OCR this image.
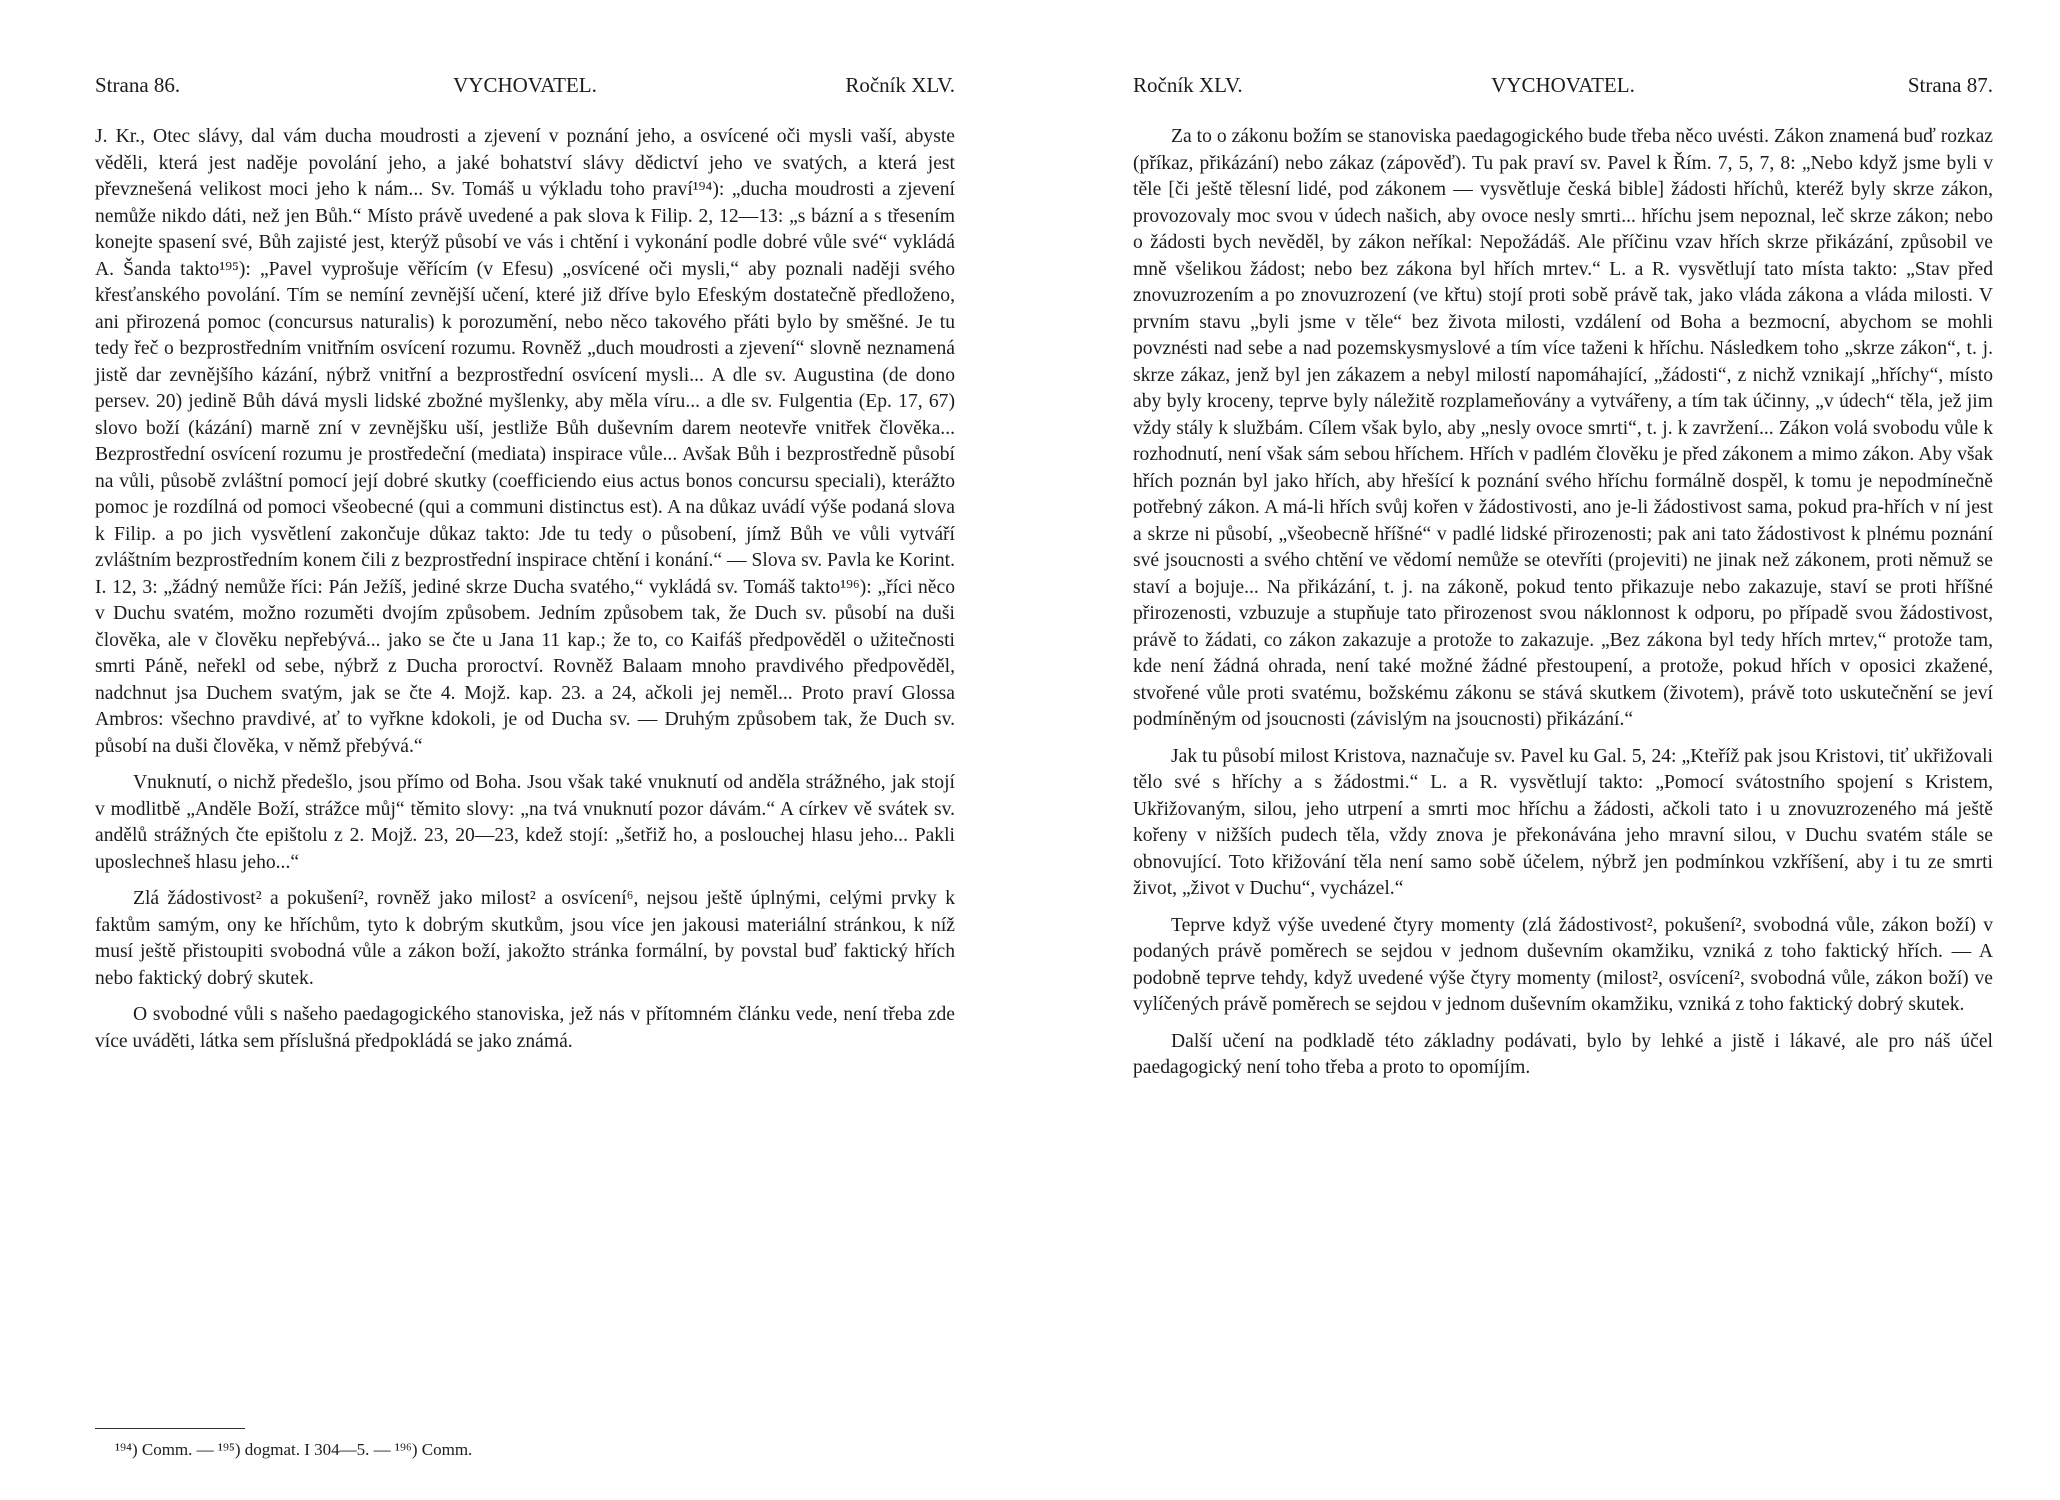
Strana 86.	VYCHOVATEL.	Ročník XLV.

J. Kr., Otec slávy, dal vám ducha moudrosti a zjevení v poznání jeho, a osvícené oči mysli vaší, abyste věděli, která jest naděje povolání jeho, a jaké bohatství slávy dědictví jeho ve svatých, a která jest převznešená velikost moci jeho k nám... Sv. Tomáš u výkladu toho praví¹⁹⁴): „ducha moudrosti a zjevení nemůže nikdo dáti, než jen Bůh.“ Místo právě uvedené a pak slova k Filip. 2, 12—13: „s bázní a s třesením konejte spasení své, Bůh zajisté jest, kterýž působí ve vás i chtění i vykonání podle dobré vůle své“ vykládá A. Šanda takto¹⁹⁵): „Pavel vyprošuje věřícím (v Efesu) „osvícené oči mysli,“ aby poznali naději svého křesťanského povolání. Tím se nemíní zevnější učení, které již dříve bylo Efeským dostatečně předloženo, ani přirozená pomoc (concursus naturalis) k porozumění, nebo něco takového přáti bylo by směšné. Je tu tedy řeč o bezprostředním vnitřním osvícení rozumu. Rovněž „duch moudrosti a zjevení“ slovně neznamená jistě dar zevnějšího kázání, nýbrž vnitřní a bezprostřední osvícení mysli... A dle sv. Augustina (de dono persev. 20) jedině Bůh dává mysli lidské zbožné myšlenky, aby měla víru... a dle sv. Fulgentia (Ep. 17, 67) slovo boží (kázání) marně zní v zevnějšku uší, jestliže Bůh duševním darem neotevře vnitřek člověka... Bezprostřední osvícení rozumu je prostředeční (mediata) inspirace vůle... Avšak Bůh i bezprostředně působí na vůli, působě zvláštní pomocí její dobré skutky (coefficiendo eius actus bonos concursu speciali), kterážto pomoc je rozdílná od pomoci všeobecné (qui a communi distinctus est). A na důkaz uvádí výše podaná slova k Filip. a po jich vysvětlení zakončuje důkaz takto: Jde tu tedy o působení, jímž Bůh ve vůli vytváří zvláštním bezprostředním konem čili z bezprostřední inspirace chtění i konání.“ — Slova sv. Pavla ke Korint. I. 12, 3: „žádný nemůže říci: Pán Ježíš, jediné skrze Ducha svatého,“ vykládá sv. Tomáš takto¹⁹⁶): „říci něco v Duchu svatém, možno rozuměti dvojím způsobem. Jedním způsobem tak, že Duch sv. působí na duši člověka, ale v člověku nepřebývá... jako se čte u Jana 11 kap.; že to, co Kaifáš předpověděl o užitečnosti smrti Páně, neřekl od sebe, nýbrž z Ducha proroctví. Rovněž Balaam mnoho pravdivého předpověděl, nadchnut jsa Duchem svatým, jak se čte 4. Mojž. kap. 23. a 24, ačkoli jej neměl... Proto praví Glossa Ambros: všechno pravdivé, ať to vyřkne kdokoli, je od Ducha sv. — Druhým způsobem tak, že Duch sv. působí na duši člověka, v němž přebývá.“

Vnuknutí, o nichž předešlo, jsou přímo od Boha. Jsou však také vnuknutí od anděla strážného, jak stojí v modlitbě „Anděle Boží, strážce můj“ těmito slovy: „na tvá vnuknutí pozor dávám.“ A církev vě svátek sv. andělů strážných čte epištolu z 2. Mojž. 23, 20—23, kdež stojí: „šetřiž ho, a poslouchej hlasu jeho... Pakli uposlechneš hlasu jeho...“

Zlá žádostivost² a pokušení², rovněž jako milost² a osvícení⁶, nejsou ještě úplnými, celými prvky k faktům samým, ony ke hříchům, tyto k dobrým skutkům, jsou více jen jakousi materiální stránkou, k níž musí ještě přistoupiti svobodná vůle a zákon boží, jakožto stránka formální, by povstal buď faktický hřích nebo faktický dobrý skutek.

O svobodné vůli s našeho paedagogického stanoviska, jež nás v přítomném článku vede, není třeba zde více uváděti, látka sem příslušná předpokládá se jako známá.

¹⁹⁴) Comm. — ¹⁹⁵) dogmat. I 304—5. — ¹⁹⁶) Comm.
Ročník XLV.	VYCHOVATEL.	Strana 87.

Za to o zákonu božím se stanoviska paedagogického bude třeba něco uvésti. Zákon znamená buď rozkaz (příkaz, přikázání) nebo zákaz (zápověď). Tu pak praví sv. Pavel k Řím. 7, 5, 7, 8: „Nebo když jsme byli v těle [či ještě tělesní lidé, pod zákonem — vysvětluje česká bible] žádosti hříchů, kteréž byly skrze zákon, provozovaly moc svou v údech našich, aby ovoce nesly smrti... hříchu jsem nepoznal, leč skrze zákon; nebo o žádosti bych nevěděl, by zákon neříkal: Nepožádáš. Ale příčinu vzav hřích skrze přikázání, způsobil ve mně všelikou žádost; nebo bez zákona byl hřích mrtev.“ L. a R. vysvětlují tato místa takto: „Stav před znovuzrozením a po znovuzrození (ve křtu) stojí proti sobě právě tak, jako vláda zákona a vláda milosti. V prvním stavu „byli jsme v těle“ bez života milosti, vzdálení od Boha a bezmocní, abychom se mohli povznésti nad sebe a nad pozemskysmyslové a tím více taženi k hříchu. Následkem toho „skrze zákon“, t. j. skrze zákaz, jenž byl jen zákazem a nebyl milostí napomáhající, „žádosti“, z nichž vznikají „hříchy“, místo aby byly kroceny, teprve byly náležitě rozplameňovány a vytvářeny, a tím tak účinny, „v údech“ těla, jež jim vždy stály k službám. Cílem však bylo, aby „nesly ovoce smrti“, t. j. k zavržení... Zákon volá svobodu vůle k rozhodnutí, není však sám sebou hříchem. Hřích v padlém člověku je před zákonem a mimo zákon. Aby však hřích poznán byl jako hřích, aby hřešící k poznání svého hříchu formálně dospěl, k tomu je nepodmínečně potřebný zákon. A má-li hřích svůj kořen v žádostivosti, ano je-li žádostivost sama, pokud pra-hřích v ní jest a skrze ni působí, „všeobecně hříšné“ v padlé lidské přirozenosti; pak ani tato žádostivost k plnému poznání své jsoucnosti a svého chtění ve vědomí nemůže se otevříti (projeviti) ne jinak než zákonem, proti němuž se staví a bojuje... Na přikázání, t. j. na zákoně, pokud tento přikazuje nebo zakazuje, staví se proti hříšné přirozenosti, vzbuzuje a stupňuje tato přirozenost svou náklonnost k odporu, po případě svou žádostivost, právě to žádati, co zákon zakazuje a protože to zakazuje. „Bez zákona byl tedy hřích mrtev,“ protože tam, kde není žádná ohrada, není také možné žádné přestoupení, a protože, pokud hřích v oposici zkažené, stvořené vůle proti svatému, božskému zákonu se stává skutkem (životem), právě toto uskutečnění se jeví podmíněným od jsoucnosti (závislým na jsoucnosti) přikázání.“

Jak tu působí milost Kristova, naznačuje sv. Pavel ku Gal. 5, 24: „Kteříž pak jsou Kristovi, tiť ukřižovali tělo své s hříchy a s žádostmi.“ L. a R. vysvětlují takto: „Pomocí svátostního spojení s Kristem, Ukřižovaným, silou, jeho utrpení a smrti moc hříchu a žádosti, ačkoli tato i u znovuzrozeného má ještě kořeny v nižších pudech těla, vždy znova je překonávána jeho mravní silou, v Duchu svatém stále se obnovující. Toto křižování těla není samo sobě účelem, nýbrž jen podmínkou vzkříšení, aby i tu ze smrti život, „život v Duchu“, vycházel.“

Teprve když výše uvedené čtyry momenty (zlá žádostivost², pokušení², svobodná vůle, zákon boží) v podaných právě poměrech se sejdou v jednom duševním okamžiku, vzniká z toho faktický hřích. — A podobně teprve tehdy, když uvedené výše čtyry momenty (milost², osvícení², svobodná vůle, zákon boží) ve vylíčených právě poměrech se sejdou v jednom duševním okamžiku, vzniká z toho faktický dobrý skutek.

Další učení na podkladě této základny podávati, bylo by lehké a jistě i lákavé, ale pro náš účel paedagogický není toho třeba a proto to opomíjím.
